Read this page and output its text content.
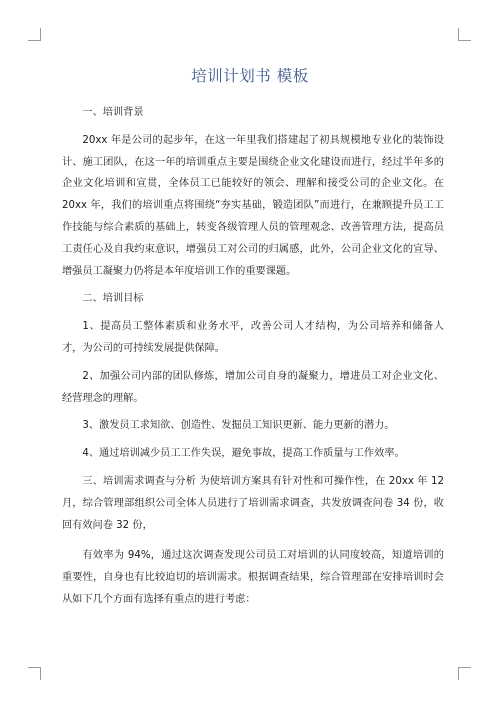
培训计划书 模板

一、培训背景

20xx 年是公司的起步年，在这一年里我们搭建起了初具规模地专业化的装饰设计、施工团队，在这一年的培训重点主要是围绕企业文化建设而进行，经过半年多的企业文化培训和宣贯，全体员工已能较好的领会、理解和接受公司的企业文化。在 20xx 年，我们的培训重点将围绕“夯实基础，锻造团队”而进行，在兼顾提升员工工作技能与综合素质的基础上，转变各级管理人员的管理观念、改善管理方法，提高员工责任心及自我约束意识，增强员工对公司的归属感，此外，公司企业文化的宣导、增强员工凝聚力仍将是本年度培训工作的重要课题。

二、培训目标

1、提高员工整体素质和业务水平，改善公司人才结构，为公司培养和储备人才，为公司的可持续发展提供保障。

2、加强公司内部的团队修炼，增加公司自身的凝聚力，增进员工对企业文化、经营理念的理解。

3、激发员工求知欲、创造性、发掘员工知识更新、能力更新的潜力。

4、通过培训减少员工工作失误，避免事故，提高工作质量与工作效率。

三、培训需求调查与分析 为使培训方案具有针对性和可操作性，在 20xx 年 12 月，综合管理部组织公司全体人员进行了培训需求调查，共发放调查问卷 34 份，收回有效问卷 32 份，

有效率为 94%，通过这次调查发现公司员工对培训的认同度较高，知道培训的重要性，自身也有比较迫切的培训需求。根据调查结果，综合管理部在安排培训时会从如下几个方面有选择有重点的进行考虑：
